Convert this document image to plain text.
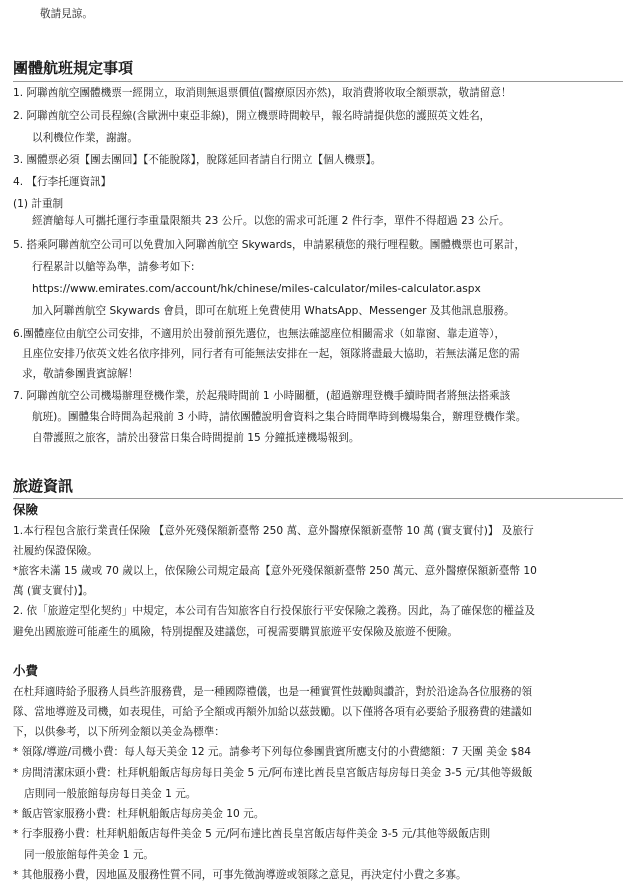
敬請見諒。
團體航班規定事項
1. 阿聯酋航空團體機票一經開立，取消則無退票價值(醫療原因亦然)，取消費將收取全額票款，敬請留意！
2. 阿聯酋航空公司長程線(含歐洲中東亞非線)，開立機票時間較早，報名時請提供您的護照英文姓名，
以利機位作業，謝謝。
3. 團體票必須【團去團回】【不能脫隊】，脫隊延回者請自行開立【個人機票】。
4. 【行李托運資訊】
(1) 計重制
經濟艙每人可攜托運行李重量限額共 23 公斤。以您的需求可託運 2 件行李，單件不得超過 23 公斤。
5. 搭乘阿聯酋航空公司可以免費加入阿聯酋航空 Skywards，申請累積您的飛行哩程數。團體機票也可累計，
行程累計以艙等為準，請參考如下:
https://www.emirates.com/account/hk/chinese/miles-calculator/miles-calculator.aspx
加入阿聯酋航空 Skywards 會員，即可在航班上免費使用 WhatsApp、Messenger 及其他訊息服務。
6.團體座位由航空公司安排，不適用於出發前預先選位，也無法確認座位相關需求（如靠窗、靠走道等），
且座位安排乃依英文姓名依序排列，同行者有可能無法安排在一起，領隊將盡最大協助，若無法滿足您的需
求，敬請參團貴賓諒解！
7. 阿聯酋航空公司機場辦理登機作業，於起飛時間前 1 小時關櫃，(超過辦理登機手續時間者將無法搭乘該
航班)。團體集合時間為起飛前 3 小時，請依團體說明會資料之集合時間準時到機場集合，辦理登機作業。
自帶護照之旅客，請於出發當日集合時間提前 15 分鐘抵達機場報到。
旅遊資訊
保險
1.本行程包含旅行業責任保險 【意外死殘保額新臺幣 250 萬、意外醫療保額新臺幣 10 萬 (實支實付)】 及旅行
社履約保證保險。
*旅客未滿 15 歲或 70 歲以上，依保險公司規定最高【意外死殘保額新臺幣 250 萬元、意外醫療保額新臺幣 10
萬 (實支實付)】。
2. 依「旅遊定型化契約」中規定，本公司有告知旅客自行投保旅行平安保險之義務。因此，為了確保您的權益及
避免出國旅遊可能產生的風險，特別提醒及建議您，可視需要購買旅遊平安保險及旅遊不便險。
小費
在杜拜適時給予服務人員些許服務費，是一種國際禮儀，也是一種實質性鼓勵與讚許，對於沿途為各位服務的領
隊、當地導遊及司機，如表現佳，可給予全額或再額外加給以茲鼓勵。以下僅將各項有必要給予服務費的建議如
下，以供參考，以下所列金額以美金為標準：
* 領隊/導遊/司機小費：每人每天美金 12 元。請參考下列每位參團貴賓所應支付的小費總額：7 天團 美金 $84
* 房間清潔床頭小費：杜拜帆船飯店每房每日美金 5 元/阿布達比酋長皇宮飯店每房每日美金 3-5 元/其他等級飯
店則同一般旅館每房每日美金 1 元。
* 飯店管家服務小費：杜拜帆船飯店每房美金 10 元。
* 行李服務小費：杜拜帆船飯店每件美金 5 元/阿布達比酋長皇宮飯店每件美金 3-5 元/其他等級飯店則
同一般旅館每件美金 1 元。
* 其他服務小費，因地區及服務性質不同，可事先徵詢導遊或領隊之意見，再決定付小費之多寡。
